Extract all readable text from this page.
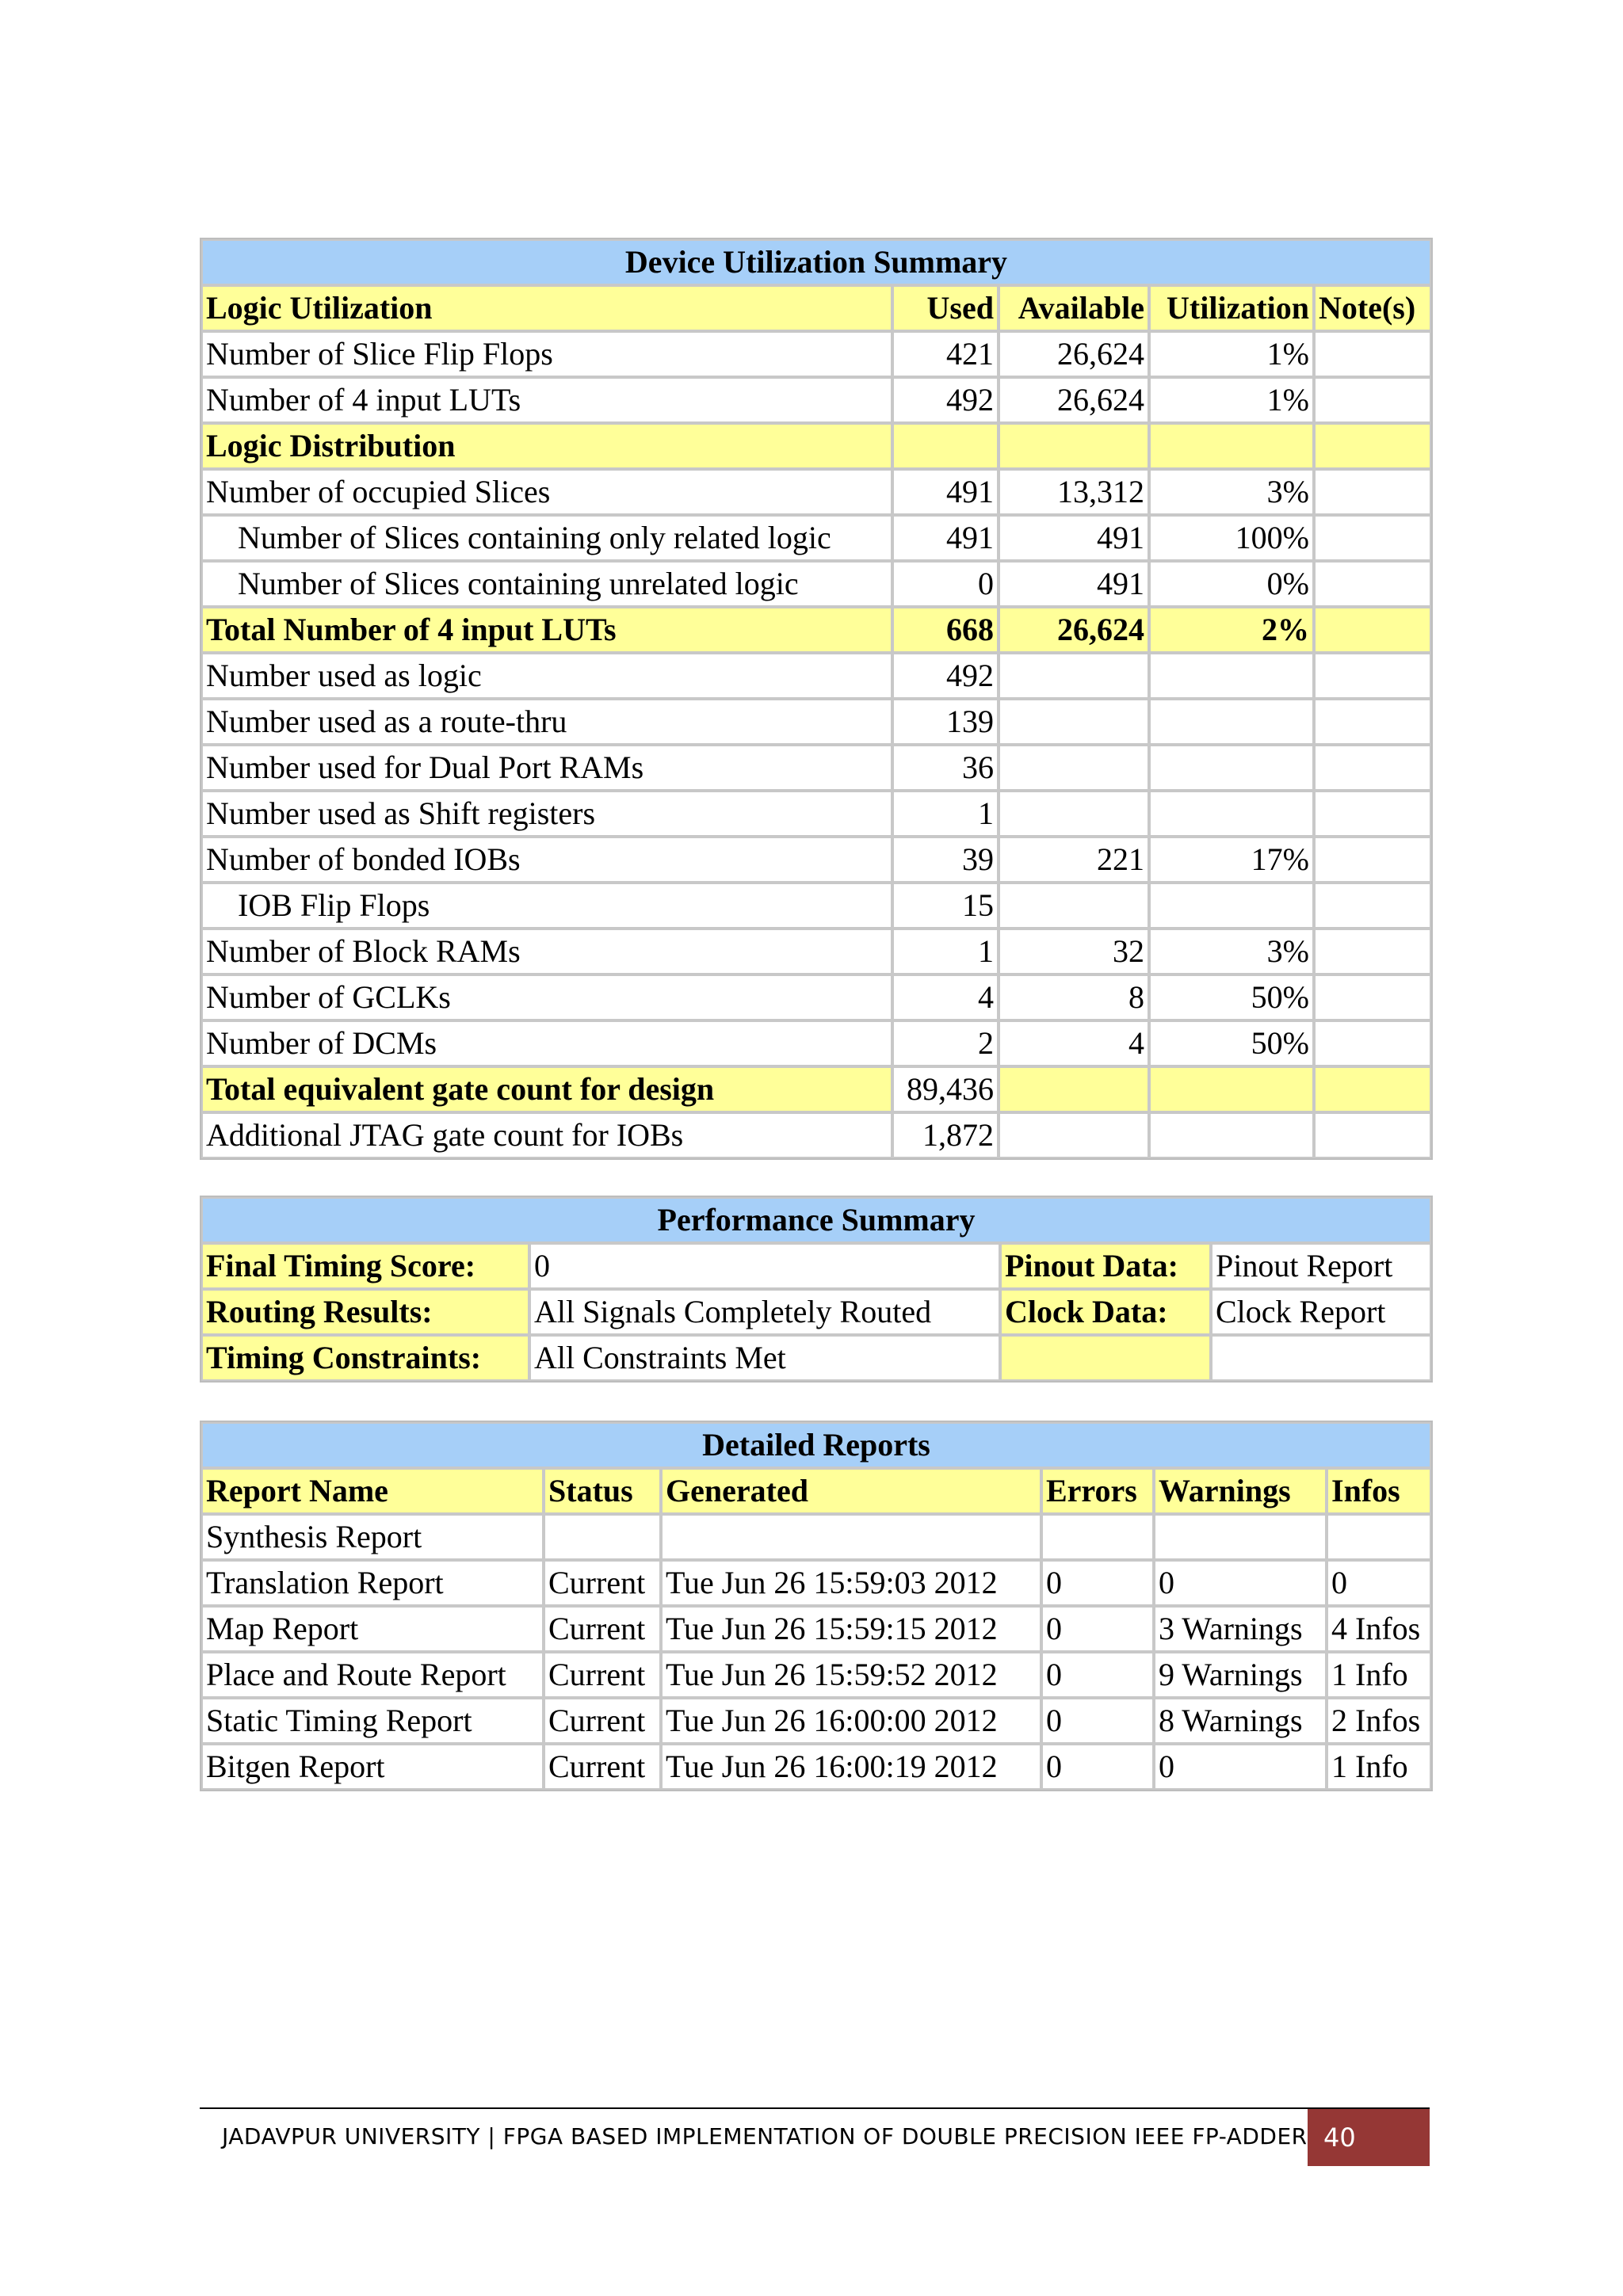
Device Utilization Summary				
Logic Utilization	Used	Available	Utilization	Note(s)
Number of Slice Flip Flops	421	26,624	1%	
Number of 4 input LUTs	492	26,624	1%	
Logic Distribution				
Number of occupied Slices	491	13,312	3%	
Number of Slices containing only related logic	491	491	100%	
Number of Slices containing unrelated logic	0	491	0%	
Total Number of 4 input LUTs	668	26,624	2%	
Number used as logic	492			
Number used as a route-thru	139			
Number used for Dual Port RAMs	36			
Number used as Shift registers	1			
Number of bonded IOBs	39	221	17%	
IOB Flip Flops	15			
Number of Block RAMs	1	32	3%	
Number of GCLKs	4	8	50%	
Number of DCMs	2	4	50%	
Total equivalent gate count for design	89,436			
Additional JTAG gate count for IOBs	1,872			
Performance Summary			
Final Timing Score:	0	Pinout Data:	Pinout Report
Routing Results:	All Signals Completely Routed	Clock Data:	Clock Report
Timing Constraints:	All Constraints Met		
Detailed Reports					
Report Name	Status	Generated	Errors	Warnings	Infos
Synthesis Report					
Translation Report	Current	Tue Jun 26 15:59:03 2012	0	0	0
Map Report	Current	Tue Jun 26 15:59:15 2012	0	3 Warnings	4 Infos
Place and Route Report	Current	Tue Jun 26 15:59:52 2012	0	9 Warnings	1 Info
Static Timing Report	Current	Tue Jun 26 16:00:00 2012	0	8 Warnings	2 Infos
Bitgen Report	Current	Tue Jun 26 16:00:19 2012	0	0	1 Info
JADAVPUR UNIVERSITY | FPGA BASED IMPLEMENTATION OF DOUBLE PRECISION IEEE FP-ADDER 40
